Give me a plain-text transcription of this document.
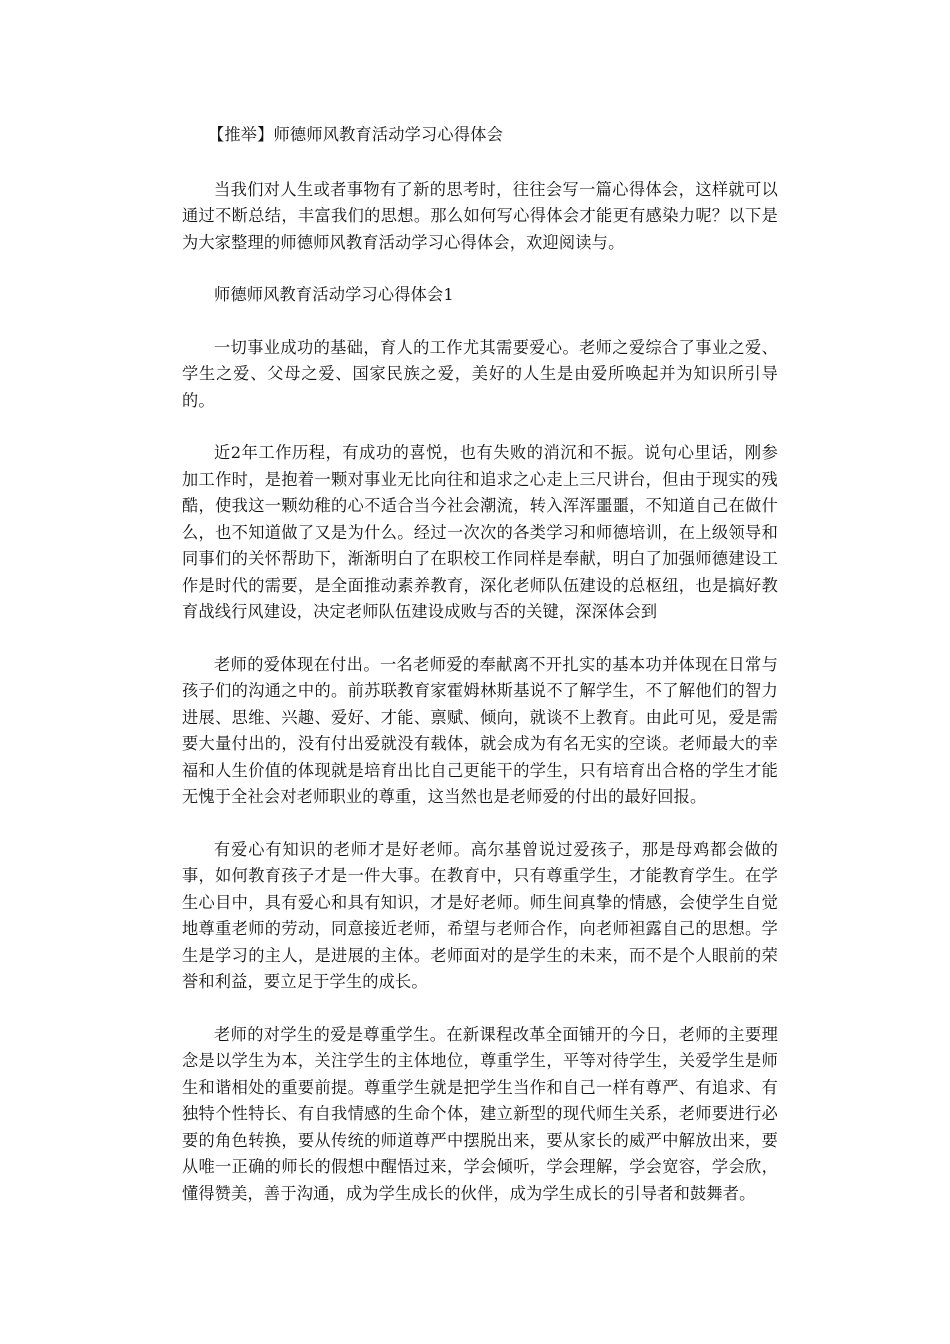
【推举】师德师风教育活动学习心得体会

当我们对人生或者事物有了新的思考时，往往会写一篇心得体会，这样就可以通过不断总结，丰富我们的思想。那么如何写心得体会才能更有感染力呢？以下是为大家整理的师德师风教育活动学习心得体会，欢迎阅读与。

师德师风教育活动学习心得体会1

一切事业成功的基础，育人的工作尤其需要爱心。老师之爱综合了事业之爱、学生之爱、父母之爱、国家民族之爱，美好的人生是由爱所唤起并为知识所引导的。

近2年工作历程，有成功的喜悦，也有失败的消沉和不振。说句心里话，刚参加工作时，是抱着一颗对事业无比向往和追求之心走上三尺讲台，但由于现实的残酷，使我这一颗幼稚的心不适合当今社会潮流，转入浑浑噩噩，不知道自己在做什么，也不知道做了又是为什么。经过一次次的各类学习和师德培训，在上级领导和同事们的关怀帮助下，渐渐明白了在职校工作同样是奉献，明白了加强师德建设工作是时代的需要，是全面推动素养教育，深化老师队伍建设的总枢纽，也是搞好教育战线行风建设，决定老师队伍建设成败与否的关键，深深体会到

老师的爱体现在付出。一名老师爱的奉献离不开扎实的基本功并体现在日常与孩子们的沟通之中的。前苏联教育家霍姆林斯基说不了解学生，不了解他们的智力进展、思维、兴趣、爱好、才能、禀赋、倾向，就谈不上教育。由此可见，爱是需要大量付出的，没有付出爱就没有载体，就会成为有名无实的空谈。老师最大的幸福和人生价值的体现就是培育出比自己更能干的学生，只有培育出合格的学生才能无愧于全社会对老师职业的尊重，这当然也是老师爱的付出的最好回报。

有爱心有知识的老师才是好老师。高尔基曾说过爱孩子，那是母鸡都会做的事，如何教育孩子才是一件大事。在教育中，只有尊重学生，才能教育学生。在学生心目中，具有爱心和具有知识，才是好老师。师生间真挚的情感，会使学生自觉地尊重老师的劳动，同意接近老师，希望与老师合作，向老师袒露自己的思想。学生是学习的主人，是进展的主体。老师面对的是学生的未来，而不是个人眼前的荣誉和利益，要立足于学生的成长。

老师的对学生的爱是尊重学生。在新课程改革全面铺开的今日，老师的主要理念是以学生为本，关注学生的主体地位，尊重学生，平等对待学生，关爱学生是师生和谐相处的重要前提。尊重学生就是把学生当作和自己一样有尊严、有追求、有独特个性特长、有自我情感的生命个体，建立新型的现代师生关系，老师要进行必要的角色转换，要从传统的师道尊严中摆脱出来，要从家长的威严中解放出来，要从唯一正确的师长的假想中醒悟过来，学会倾听，学会理解，学会宽容，学会欣，懂得赞美，善于沟通，成为学生成长的伙伴，成为学生成长的引导者和鼓舞者。
